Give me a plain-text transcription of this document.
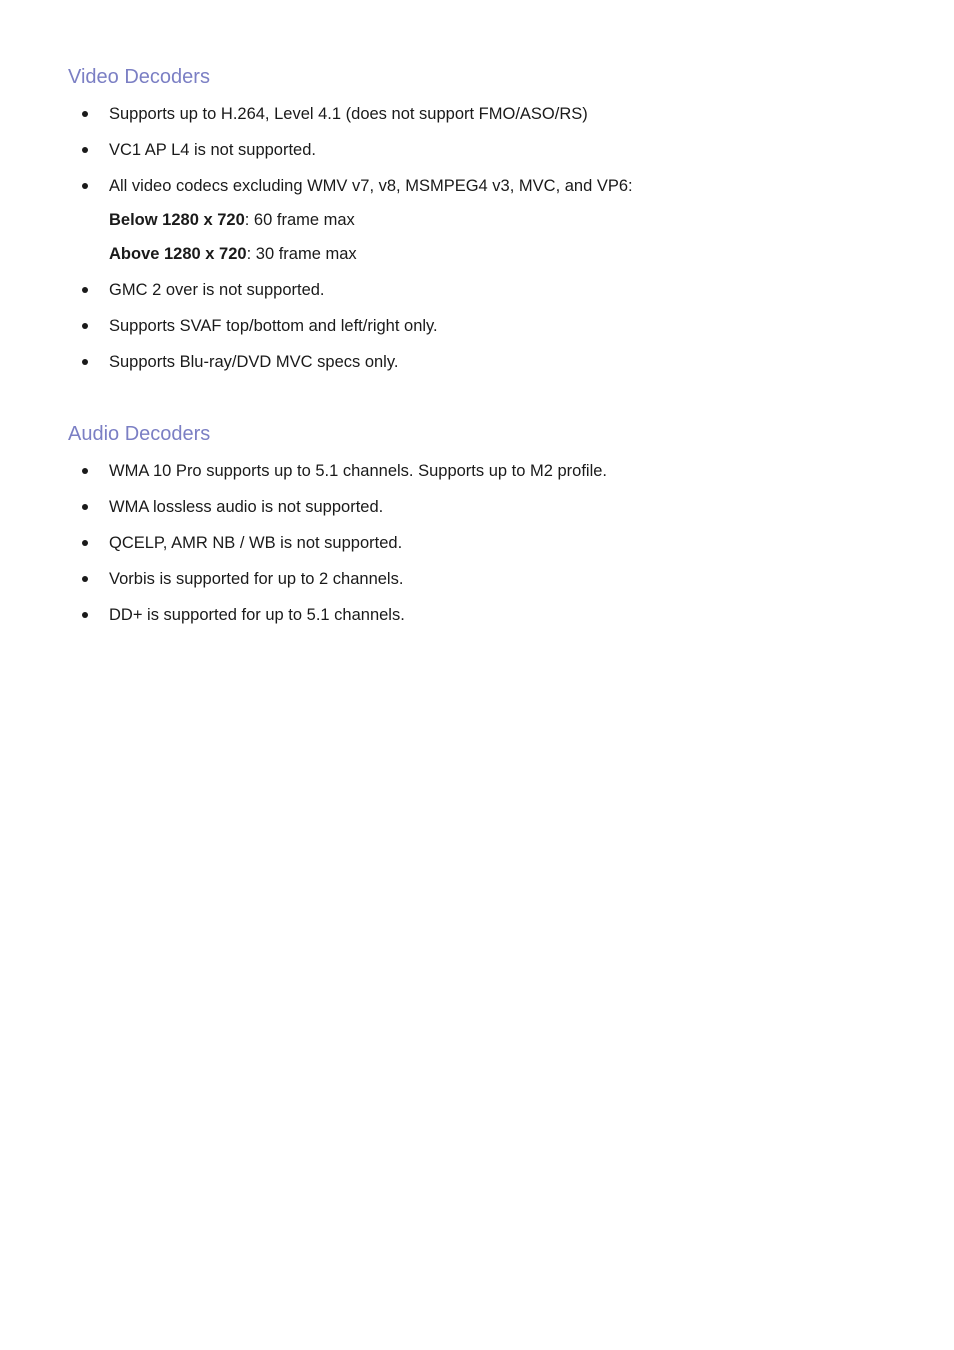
Video Decoders
Supports up to H.264, Level 4.1 (does not support FMO/ASO/RS)
VC1 AP L4 is not supported.
All video codecs excluding WMV v7, v8, MSMPEG4 v3, MVC, and VP6:
Below 1280 x 720: 60 frame max
Above 1280 x 720: 30 frame max
GMC 2 over is not supported.
Supports SVAF top/bottom and left/right only.
Supports Blu-ray/DVD MVC specs only.
Audio Decoders
WMA 10 Pro supports up to 5.1 channels. Supports up to M2 profile.
WMA lossless audio is not supported.
QCELP, AMR NB / WB is not supported.
Vorbis is supported for up to 2 channels.
DD+ is supported for up to 5.1 channels.
